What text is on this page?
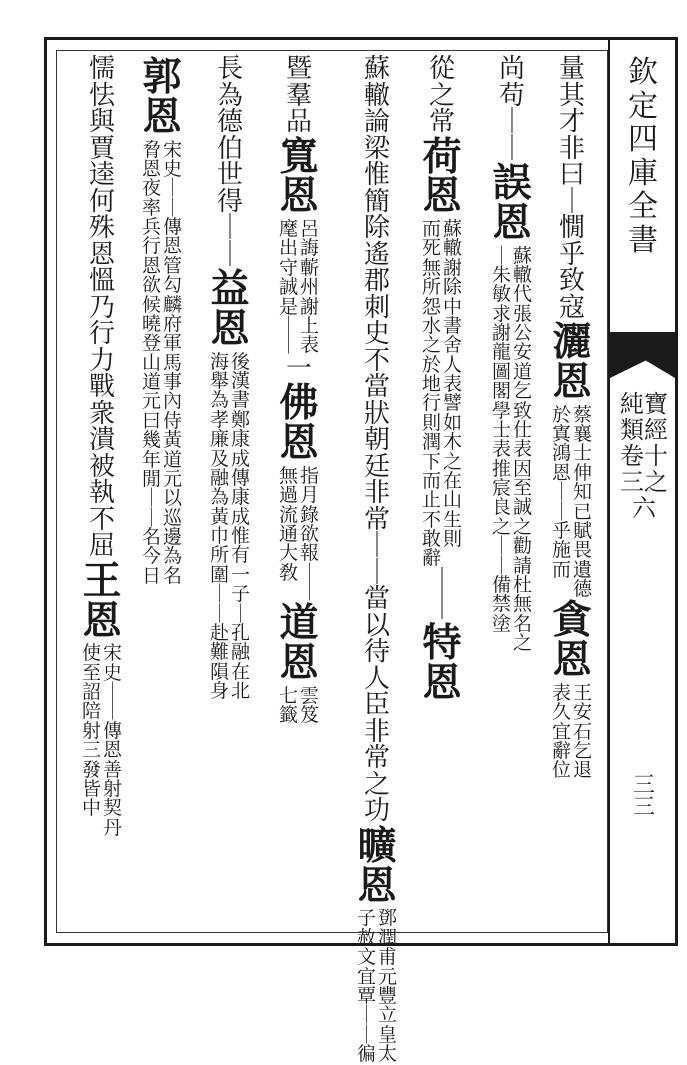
量其才非曰
｜
憪乎致寇
灑恩
蔡襄士伸知已賦畏遺德
於寘鴻恩｜｜乎施而
貪恩
王安石乞退
表久宜辭位
尚苟
｜｜
誤恩
蘇轍代張公安道乞致仕表因至誠之勸請杜無名之
｜朱敏求謝龍圖閣學士表推宸良之｜｜備禁塗
從之常
荷恩
蘇轍謝除中書舍人表譬如木之在山生則
而死無所怨水之於地行則潤下而止不敢辭
｜｜
特恩
蘇轍論梁惟簡除遙郡刺史不當狀朝
廷非常｜｜當以待人臣非常之功
曠恩
鄧潤甫元豐立皇太
子赦文宜覃｜｜徧
暨羣品
寬恩
呂誨蘄州謝上表
麾出守誠是｜｜
一
佛恩
指月錄欲報｜｜
無過流通大敎
道恩
雲笈
七籤
長為德伯
世得｜｜
益恩
後漢書鄭康成傳康成惟有一子｜孔融在北
海舉為孝廉及融為黃巾所圍｜｜赴難隕身
郭恩
宋史｜｜傳恩管勾麟府軍馬事內侍黃道元以巡邊為名
脅恩夜率兵行恩欲候曉登山道元曰幾年閒｜｜名今日
懦怯與賈逵何殊恩慍乃
行力戰衆潰被執不屈
王恩
宋史｜｜傳恩善射契丹
使至詔陪射三發皆中
欽定四庫全書
純寶類經卷十三之六
三三
